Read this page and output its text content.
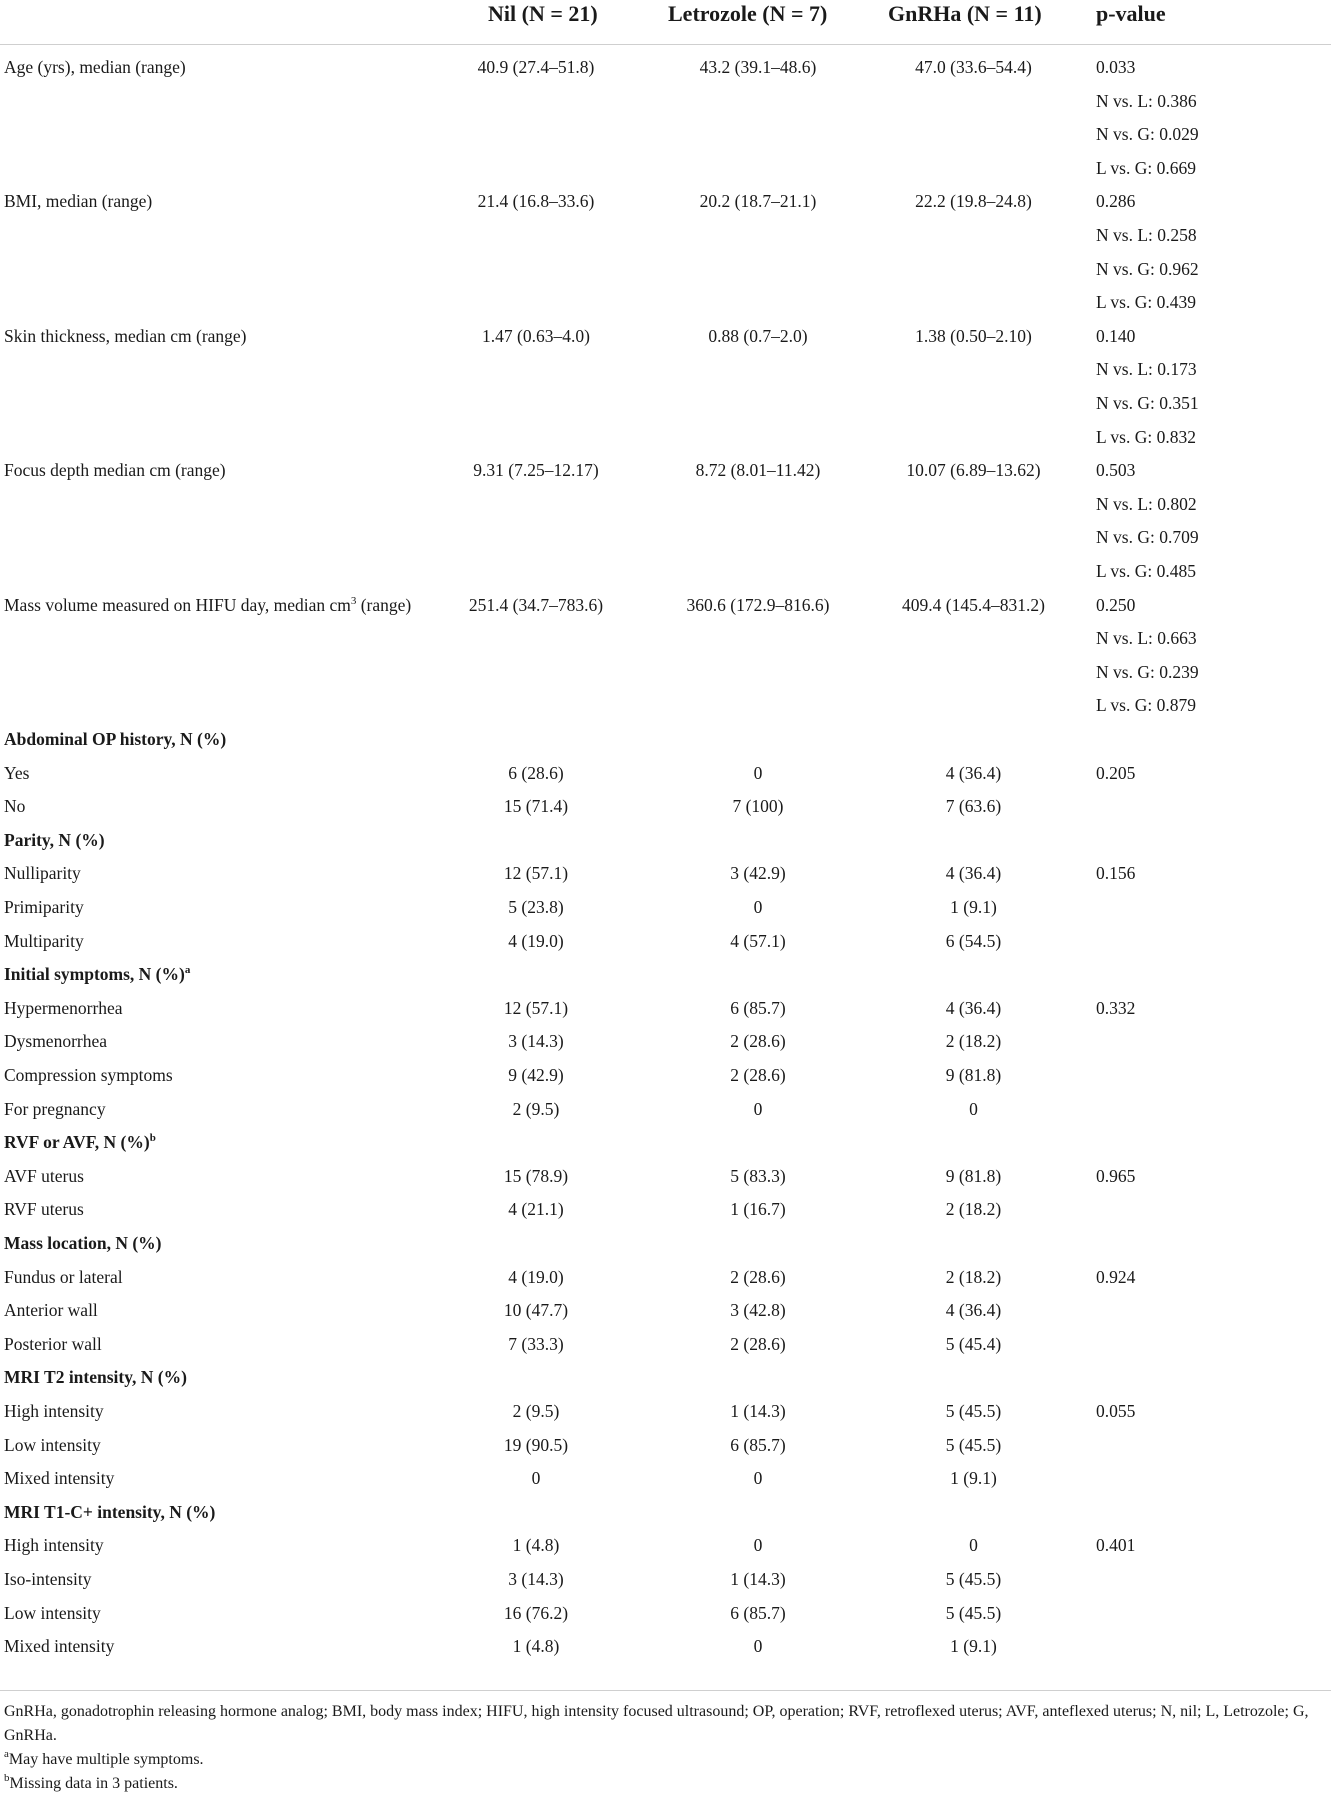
Nil (N = 21)	Letrozole (N = 7)	GnRHa (N = 11) p-value
Age (yrs), median (range)	40.9 (27.4–51.8)	43.2 (39.1–48.6)	47.0 (33.6–54.4)	0.033
N vs. L: 0.386
N vs. G: 0.029
L vs. G: 0.669
BMI, median (range)	21.4 (16.8–33.6)	20.2 (18.7–21.1)	22.2 (19.8–24.8)	0.286
N vs. L: 0.258
N vs. G: 0.962
L vs. G: 0.439
Skin thickness, median cm (range)	1.47 (0.63–4.0)	0.88 (0.7–2.0)	1.38 (0.50–2.10)	0.140
N vs. L: 0.173
N vs. G: 0.351
L vs. G: 0.832
Focus depth median cm (range)	9.31 (7.25–12.17)	8.72 (8.01–11.42)	10.07 (6.89–13.62)	0.503
N vs. L: 0.802
N vs. G: 0.709
L vs. G: 0.485
Mass volume measured on HIFU day, median $cm^3$ (range)	251.4 (34.7–783.6)	360.6 (172.9–816.6)	409.4 (145.4–831.2)	0.250
N vs. L: 0.663
N vs. G: 0.239
L vs. G: 0.879
Abdominal OP history, N (%)
Yes	6 (28.6)	0	4 (36.4)	0.205
No	15 (71.4)	7 (100)	7 (63.6)
Parity, N (%)
Nulliparity	12 (57.1)	3 (42.9)	4 (36.4)	0.156
Primiparity	5 (23.8)	0	1 (9.1)
Multiparity	4 (19.0)	4 (57.1)	6 (54.5)
Initial symptoms, N (%)$^a$
Hypermenorrhea	12 (57.1)	6 (85.7)	4 (36.4)	0.332
Dysmenorrhea	3 (14.3)	2 (28.6)	2 (18.2)
Compression symptoms	9 (42.9)	2 (28.6)	9 (81.8)
For pregnancy	2 (9.5)	0	0
RVF or AVF, N (%)$^b$
AVF uterus	15 (78.9)	5 (83.3)	9 (81.8)	0.965
RVF uterus	4 (21.1)	1 (16.7)	2 (18.2)
Mass location, N (%)
Fundus or lateral	4 (19.0)	2 (28.6)	2 (18.2)	0.924
Anterior wall	10 (47.7)	3 (42.8)	4 (36.4)
Posterior wall	7 (33.3)	2 (28.6)	5 (45.4)
MRI T2 intensity, N (%)
High intensity	2 (9.5)	1 (14.3)	5 (45.5)	0.055
Low intensity	19 (90.5)	6 (85.7)	5 (45.5)
Mixed intensity	0	0	1 (9.1)
MRI T1-C+ intensity, N (%)
High intensity	1 (4.8)	0	0	0.401
Iso-intensity	3 (14.3)	1 (14.3)	5 (45.5)
Low intensity	16 (76.2)	6 (85.7)	5 (45.5)
Mixed intensity	1 (4.8)	0	1 (9.1)
GnRHa, gonadotrophin releasing hormone analog; BMI, body mass index; HIFU, high intensity focused ultrasound; OP, operation; RVF, retroflexed uterus; AVF, anteflexed uterus; N, nil; L, Letrozole; G, GnRHa.
$^a$May have multiple symptoms.
$^b$Missing data in 3 patients.
